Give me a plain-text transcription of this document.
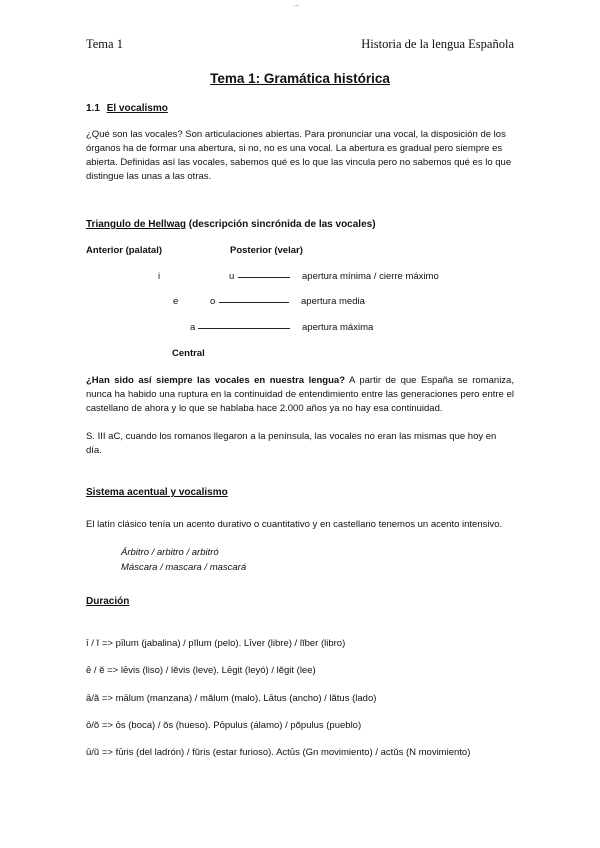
...
Tema 1	Historia de la lengua Española
Tema 1: Gramática histórica
1.1 El vocalismo

¿Qué son las vocales? Son articulaciones abiertas. Para pronunciar una vocal, la disposición de los órganos ha de formar una abertura, si no, no es una vocal. La abertura es gradual pero siempre es abierta. Definidas así las vocales, sabemos qué es lo que las vincula pero no sabemos qué es lo que distingue las unas a las otras.

Triangulo de Hellwag (descripción sincrónida de las vocales)
Anterior (palatal)	Posterior (velar)
i	u	apertura mínima / cierre máximo
e	o	apertura media
a	apertura máxima
Central

¿Han sido así siempre las vocales en nuestra lengua? A partir de que España se romaniza, nunca ha habido una ruptura en la continuidad de entendimiento entre las generaciones pero entre el castellano de ahora y lo que se hablaba hace 2.000 años ya no hay esa continuidad.

S. III aC, cuando los romanos llegaron a la península, las vocales no eran las mismas que hoy en día.

Sistema acentual y vocalismo

El latín clásico tenía un acento durativo o cuantitativo y en castellano tenemos un acento intensivo.

Árbitro / arbitro / arbitró
Máscara / mascara / mascará
Duración
ī / ĭ => pīlum (jabalina) / pĭlum (pelo). Līver (libre) / lĭber (libro)
ē / ĕ => lēvis (liso) / lĕvis (leve). Lēgit (leyó) / lĕgit (lee)
ā/ă => mālum (manzana) / mălum (malo). Lātus (ancho) / lătus (lado)
ō/ŏ => ōs (boca) / ŏs (hueso). Pōpulus (álamo) / pŏpulus (pueblo)
ū/ŭ => fūris (del ladrón) / fŭris (estar furioso). Actūs (Gn movimiento) / actŭs (N movimiento)
